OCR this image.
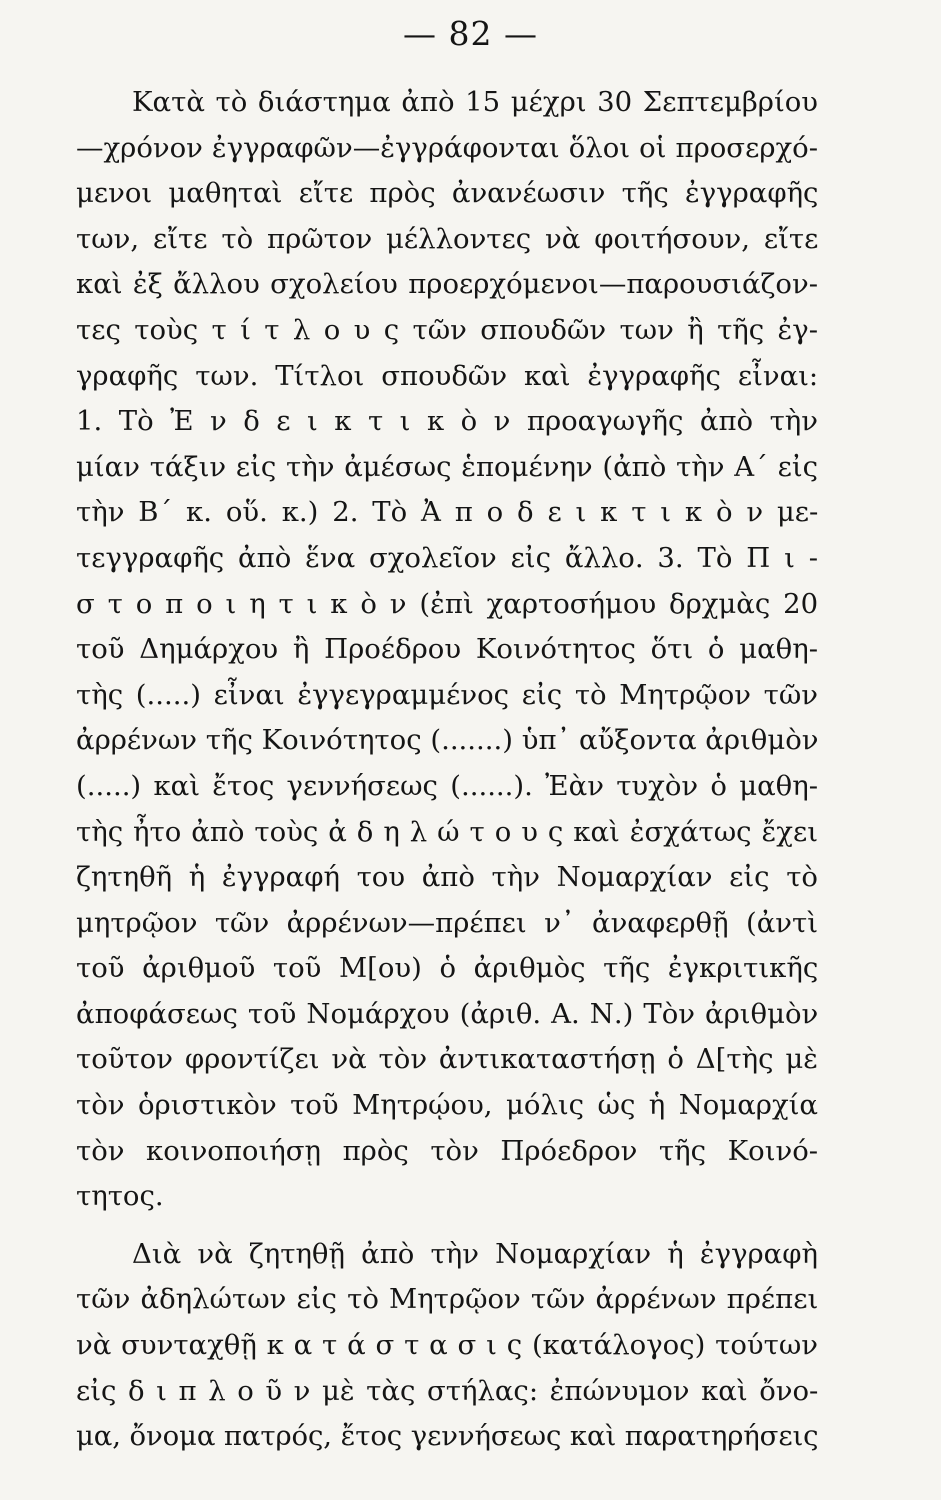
— 82 —
Κατὰ τὸ διάστημα ἀπὸ 15 μέχρι 30 Σεπτεμβρίου
—χρόνον ἐγγραφῶν—ἐγγράφονται ὅλοι οἱ προσερχό-
μενοι μαθηταὶ εἴτε πρὸς ἀνανέωσιν τῆς ἐγγραφῆς
των, εἴτε τὸ πρῶτον μέλλοντες νὰ φοιτήσουν, εἴτε
καὶ ἐξ ἄλλου σχολείου προερχόμενοι—παρουσιάζον-
τες τοὺς τ ί τ λ ο υ ς τῶν σπουδῶν των ἢ τῆς ἐγ-
γραφῆς των. Τίτλοι σπουδῶν καὶ ἐγγραφῆς εἶναι:
1. Τὸ Ἐ ν δ ε ι κ τ ι κ ὸ ν προαγωγῆς ἀπὸ τὴν
μίαν τάξιν εἰς τὴν ἀμέσως ἑπομένην (ἀπὸ τὴν Α΄ εἰς
τὴν Β΄ κ. οὕ. κ.) 2. Τὸ Ἀ π ο δ ε ι κ τ ι κ ὸ ν με-
τεγγραφῆς ἀπὸ ἕνα σχολεῖον εἰς ἄλλο. 3. Τὸ Π ι -
σ τ ο π ο ι η τ ι κ ὸ ν (ἐπὶ χαρτοσήμου δρχμὰς 20
τοῦ Δημάρχου ἢ Προέδρου Κοινότητος ὅτι ὁ μαθη-
τὴς (.....) εἶναι ἐγγεγραμμένος εἰς τὸ Μητρῷον τῶν
ἀρρένων τῆς Κοινότητος (.......) ὑπ᾽ αὔξοντα ἀριθμὸν
(.....) καὶ ἔτος γεννήσεως (......). Ἐὰν τυχὸν ὁ μαθη-
τὴς ἦτο ἀπὸ τοὺς ἀ δ η λ ώ τ ο υ ς καὶ ἐσχάτως ἔχει
ζητηθῆ ἡ ἐγγραφή του ἀπὸ τὴν Νομαρχίαν εἰς τὸ
μητρῷον τῶν ἀρρένων—πρέπει ν᾽ ἀναφερθῇ (ἀντὶ
τοῦ ἀριθμοῦ τοῦ Μ[ου) ὁ ἀριθμὸς τῆς ἐγκριτικῆς
ἀποφάσεως τοῦ Νομάρχου (ἀριθ. Α. Ν.) Τὸν ἀριθμὸν
τοῦτον φροντίζει νὰ τὸν ἀντικαταστήσῃ ὁ Δ[τὴς μὲ
τὸν ὁριστικὸν τοῦ Μητρῴου, μόλις ὡς ἡ Νομαρχία
τὸν κοινοποιήσῃ πρὸς τὸν Πρόεδρον τῆς Κοινό-
τητος.
Διὰ νὰ ζητηθῇ ἀπὸ τὴν Νομαρχίαν ἡ ἐγγραφὴ
τῶν ἀδηλώτων εἰς τὸ Μητρῷον τῶν ἀρρένων πρέπει
νὰ συνταχθῇ κ α τ ά σ τ α σ ι ς (κατάλογος) τούτων
εἰς δ ι π λ ο ῦ ν μὲ τὰς στήλας: ἐπώνυμον καὶ ὄνο-
μα, ὄνομα πατρός, ἔτος γεννήσεως καὶ παρατηρήσεις
